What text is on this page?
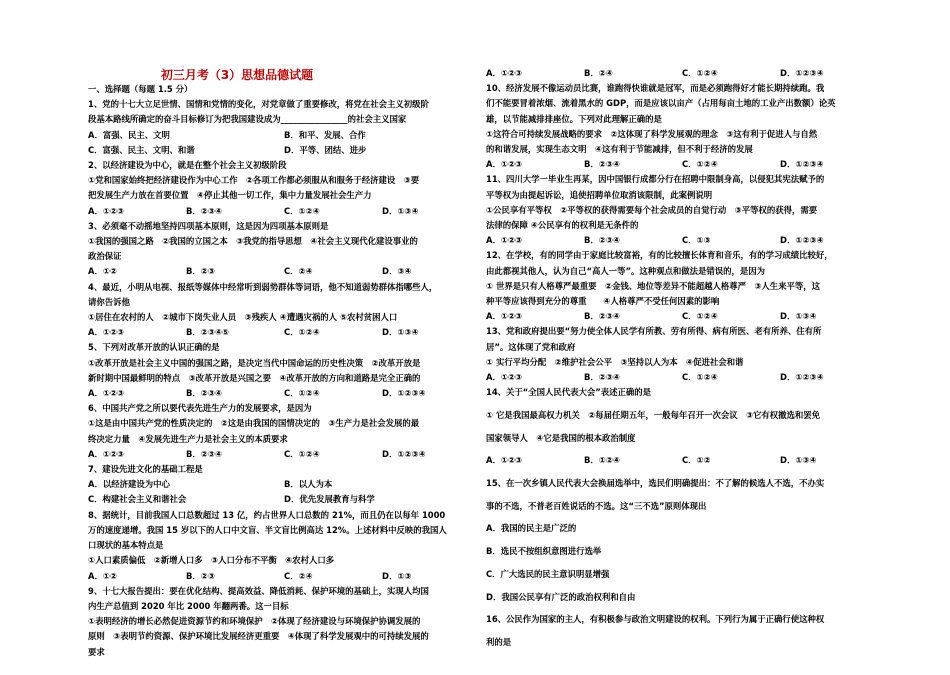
初三月考（3）思想品德试题
一、选择题（每题 1.5 分）
1、党的十七大立足世情、国情和党情的变化，对党章做了重要修改，将党在社会主义初级阶
段基本路线所确定的奋斗目标修订为把我国建设成为________________的社会主义国家
A．富强、民主、文明	B．和平、发展、合作
C．富强、民主、文明、和谐	D．平等、团结、进步
2、以经济建设为中心，就是在整个社会主义初级阶段
①党和国家始终把经济建设作为中心工作　②各项工作都必须服从和服务于经济建设　③要
把发展生产力放在首要位置　④停止其他一切工作，集中力量发展社会生产力
A．①②③	B．②③④	C．①②④	D．①③④
3、必须毫不动摇地坚持四项基本原则，这是因为四项基本原则是
①我国的强国之路　②我国的立国之本　③我党的指导思想　④社会主义现代化建设事业的
政治保证
A．①②	B．②③	C．②④	D．③④
4、最近，小明从电视、报纸等媒体中经常听到弱势群体等词语，他不知道弱势群体指哪些人，
请你告诉他
①居住在农村的人　②城市下岗失业人员　③残疾人 ④遭遇灾祸的人 ⑤农村贫困人口
A．①②③	B．②③④⑤	C．①②④	D．①③④
5、下列对改革开放的认识正确的是
①改革开放是社会主义中国的强国之路，是决定当代中国命运的历史性决策　②改革开放是
新时期中国最鲜明的特点　③改革开放是兴国之要　④改革开放的方向和道路是完全正确的
A．①②③	B．②③④	C．①②④	D．①②③④
6、中国共产党之所以要代表先进生产力的发展要求，是因为
①这是由中国共产党的性质决定的　②这是由我国的国情决定的　③生产力是社会发展的最
终决定力量　④发展先进生产力是社会主义的本质要求
A．①②③	B．②③④	C．①②④	D．①②③④
7、建设先进文化的基础工程是
A．以经济建设为中心	B．以人为本
C．构建社会主义和谐社会	D．优先发展教育与科学
8、据统计，目前我国人口总数超过 13 亿，约占世界人口总数的 21%，而且仍在以每年 1000
万的速度递增。我国 15 岁以下的人口中文盲、半文盲比例高达 12%。上述材料中反映的我国人
口现状的基本特点是
①人口素质偏低　②新增人口多　③人口分布不平衡　④农村人口多
A．①②	B．②③	C．②④	D．①③
9、十七大报告提出：要在优化结构、提高效益、降低消耗、保护环境的基础上，实现人均国
内生产总值到 2020 年比 2000 年翻两番。这一目标
①表明经济的增长必然促进资源节约和环境保护　②体现了经济建设与环境保护协调发展的
原则　③表明节约资源、保护环境比发展经济更重要　④体现了科学发展观中的可持续发展的
要求
A．①②③	B．②④	C．①②④	D．①②③④
10、经济发展不像运动员比赛，谁跑得快谁就是冠军，而是必须跑得好才能长期持续跑。我
们不能要冒着浓烟、流着黑水的 GDP，而是应该以亩产（占用每亩土地的工业产出数额）论英
雄，以节能减排排座位。下列对此理解正确的是
①这符合可持续发展战略的要求　②这体现了科学发展观的理念　③这有利于促进人与自然
的和谐发展，实现生态文明　④这有利于节能减排，但不利于经济的发展
A．①②③	B．②③④	C．①②④	D．①②③④
11、四川大学一毕业生再某，因中国银行成都分行在招聘中限制身高，以侵犯其宪法赋予的
平等权为由提起诉讼，追使招聘单位取消该限制，此案例说明
①公民享有平等权　②平等权的获得需要每个社会成员的自觉行动　③平等权的获得，需要
法律的保障 ④公民享有的权利是无条件的
A．①②③	B．②③④	C．①③	D．①②③④
12、在学校，有的同学由于家庭比较富裕，有的比较擅长体育和音乐，有的学习成绩比较好，
由此都视其他人，认为自己“高人一等”。这种观点和做法是错误的，是因为
① 世界是只有人格尊严最重要　②金钱、地位等差异不能超越人格尊严　③人生来平等，这
种平等应该得到充分的尊重　　④人格尊严不受任何因素的影响
A．①②③	B．②③④	C．①②④	D．①③④
13、党和政府提出要“努力使全体人民学有所教、劳有所得、病有所医、老有所养、住有所
居”。这体现了党和政府
① 实行平均分配　②维护社会公平　③坚持以人为本　④促进社会和谐
A．①②③	B．②③④	C．①②④	D．①②③④
14、关于“全国人民代表大会”表述正确的是
① 它是我国最高权力机关　②每届任期五年，一般每年召开一次会议　③它有权撤选和罢免
国家领导人　④它是我国的根本政治制度
A．①②③	B．①②④	C．①②	D．①③④
15、在一次乡镇人民代表大会换届选举中，选民们明确提出：不了解的候选人不选，不办实
事的不选，不普老百姓说话的不选。这“三不选”原则体现出
A．我国的民主是广泛的
B．选民不按组织意图进行选举
C．广大选民的民主意识明显增强
D．我国公民享有广泛的政治权利和自由
16、公民作为国家的主人，有积极参与政治文明建设的权利。下列行为属于正确行使这种权
利的是
